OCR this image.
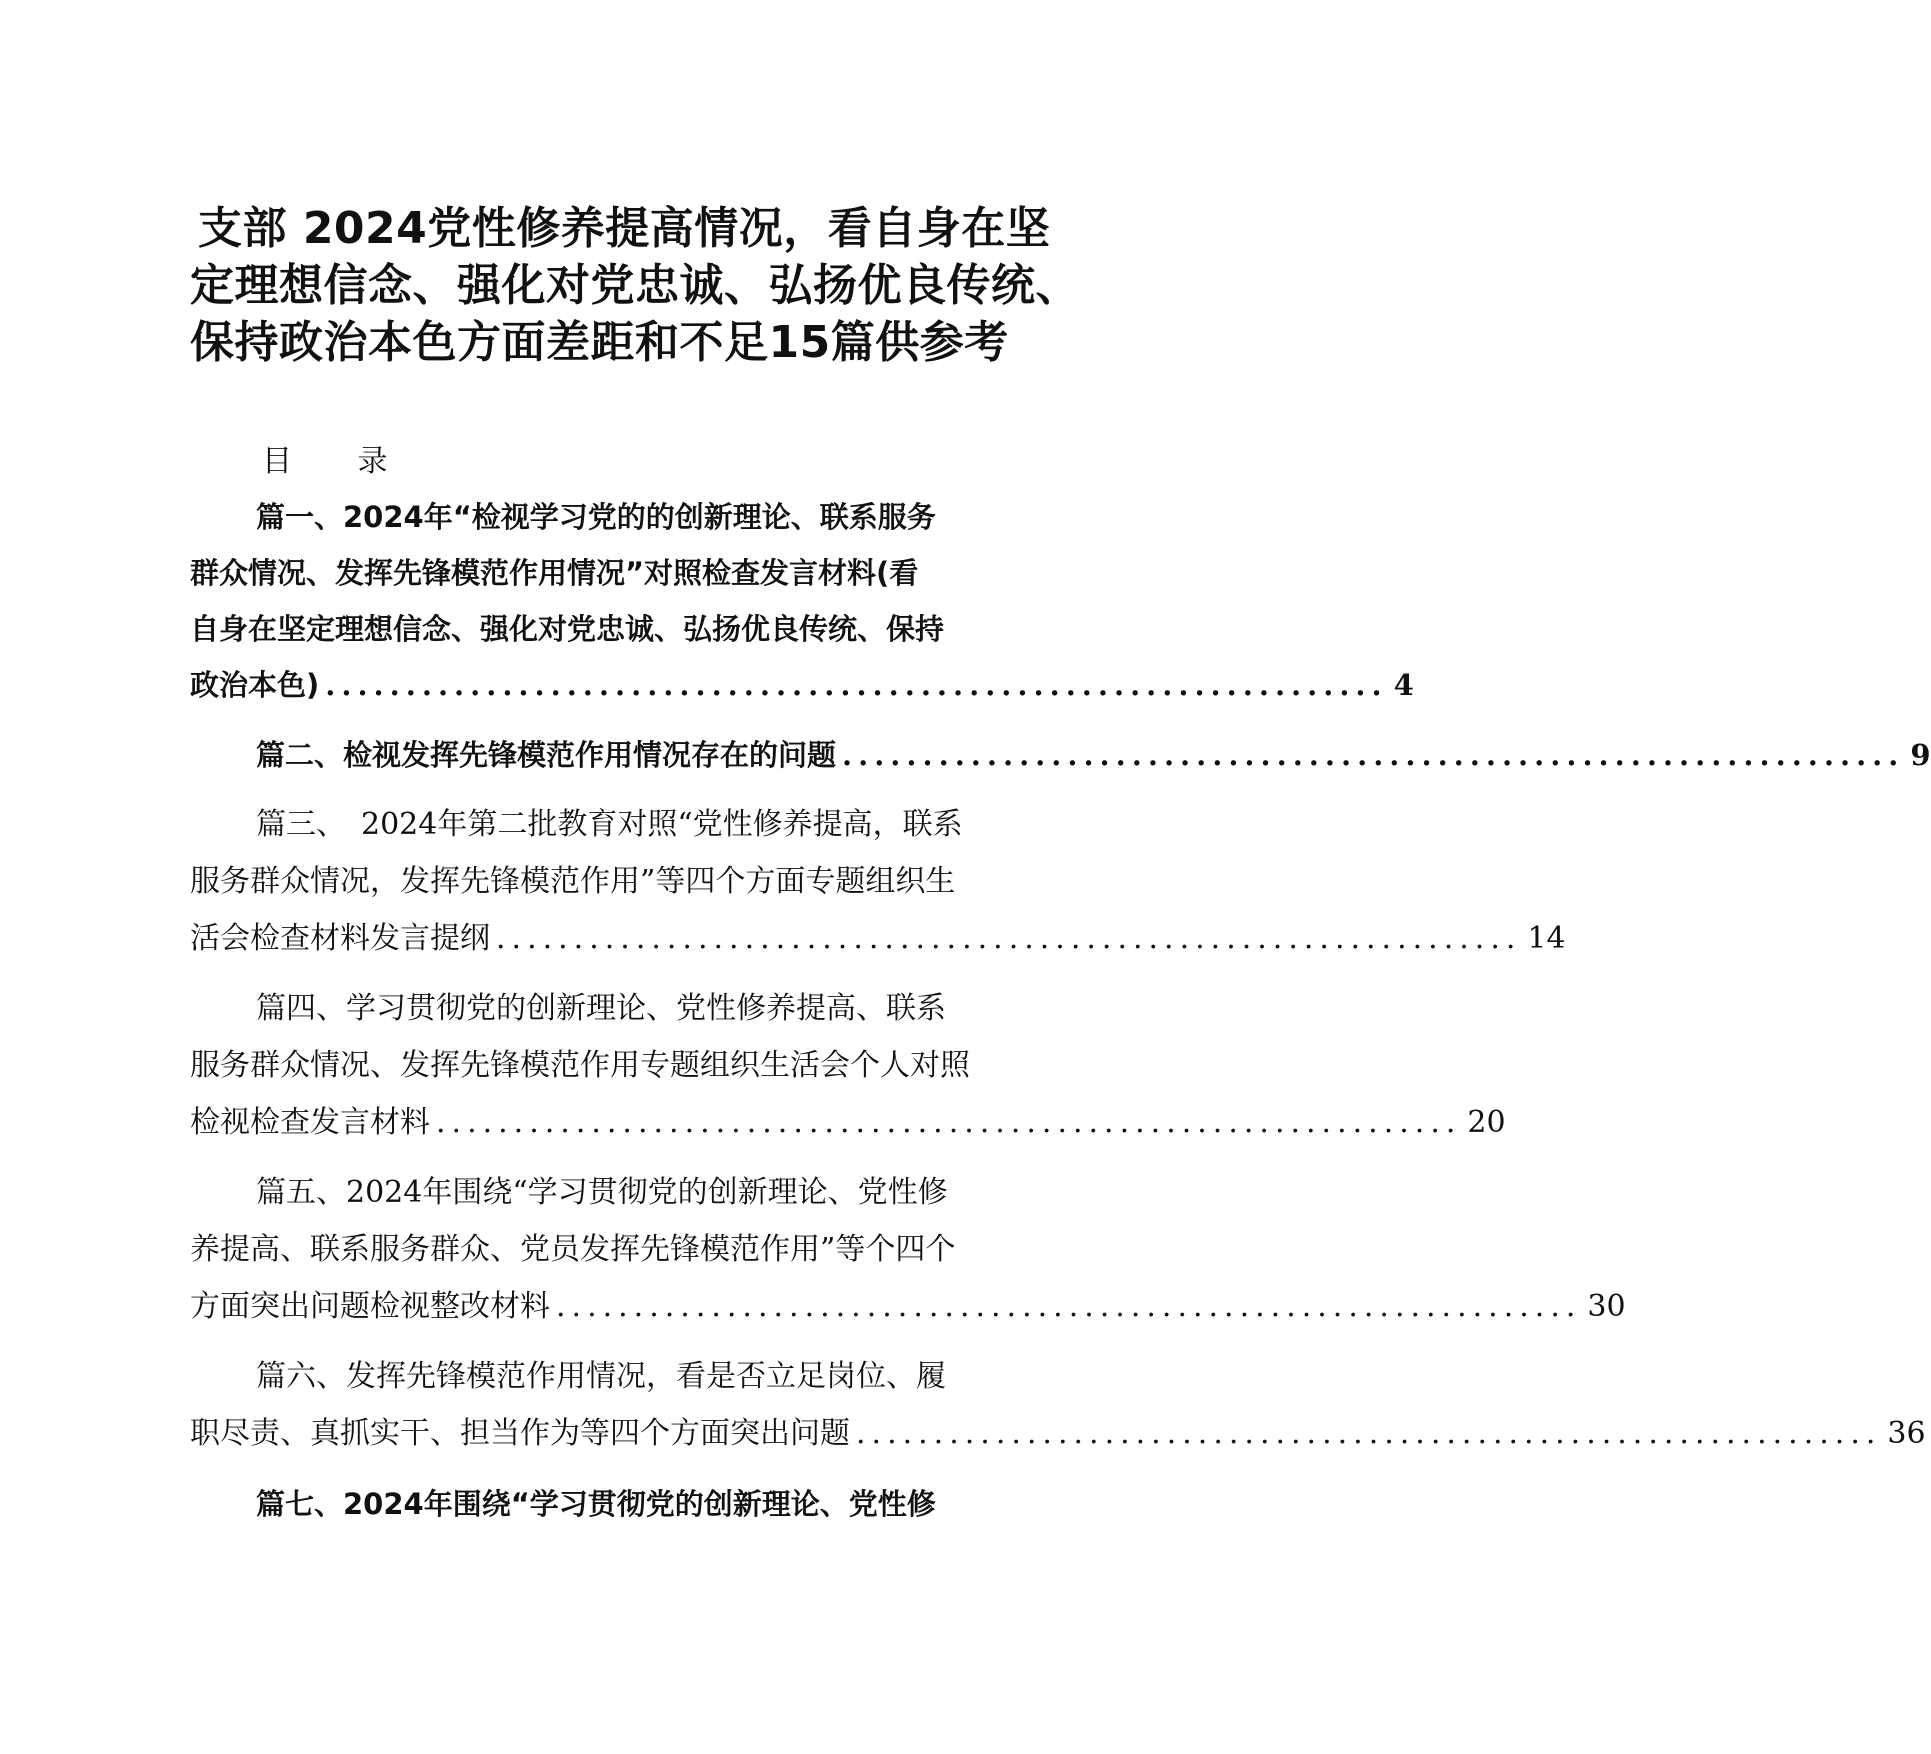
支部 2024党性修养提高情况，看自身在坚
定理想信念、强化对党忠诚、弘扬优良传统、
保持政治本色方面差距和不足15篇供参考
目 录
篇一、2024年“检视学习党的的创新理论、联系服务
群众情况、发挥先锋模范作用情况”对照检查发言材料(看
自身在坚定理想信念、强化对党忠诚、弘扬优良传统、保持
政治本色) .................................................................. 4
篇二、检视发挥先锋模范作用情况存在的问题 .................................................................. 9
篇三、　2024年第二批教育对照“党性修养提高，联系
服务群众情况，发挥先锋模范作用”等四个方面专题组织生
活会检查材料发言提纲 .................................................................. 14
篇四、学习贯彻党的创新理论、党性修养提高、联系
服务群众情况、发挥先锋模范作用专题组织生活会个人对照
检视检查发言材料 .................................................................. 20
篇五、2024年围绕“学习贯彻党的创新理论、党性修
养提高、联系服务群众、党员发挥先锋模范作用”等个四个
方面突出问题检视整改材料 .................................................................. 30
篇六、发挥先锋模范作用情况，看是否立足岗位、履
职尽责、真抓实干、担当作为等四个方面突出问题 .................................................................. 36
篇七、2024年围绕“学习贯彻党的创新理论、党性修
